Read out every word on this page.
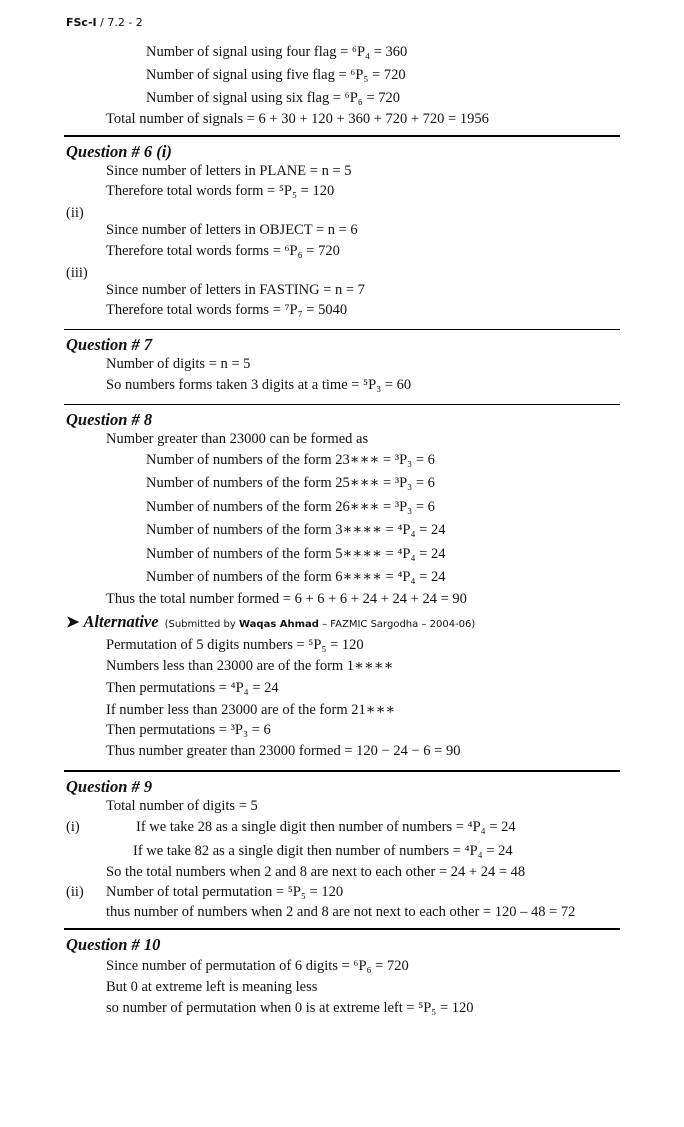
FSc-I / 7.2 - 2
Number of signal using four flag = ⁶P₄ = 360
Number of signal using five flag = ⁶P₅ = 720
Number of signal using six flag = ⁶P₆ = 720
Total number of signals = 6 + 30 + 120 + 360 + 720 + 720 = 1956
Question # 6 (i)
Since number of letters in PLANE = n = 5
Therefore total words form = ⁵P₅ = 120
(ii)
Since number of letters in OBJECT = n = 6
Therefore total words forms = ⁶P₆ = 720
(iii)
Since number of letters in FASTING = n = 7
Therefore total words forms = ⁷P₇ = 5040
Question # 7
Number of digits = n = 5
So numbers forms taken 3 digits at a time = ⁵P₃ = 60
Question # 8
Number greater than 23000 can be formed as
Number of numbers of the form 23∗∗∗ = ³P₃ = 6
Number of numbers of the form 25∗∗∗ = ³P₃ = 6
Number of numbers of the form 26∗∗∗ = ³P₃ = 6
Number of numbers of the form 3∗∗∗∗ = ⁴P₄ = 24
Number of numbers of the form 5∗∗∗∗ = ⁴P₄ = 24
Number of numbers of the form 6∗∗∗∗ = ⁴P₄ = 24
Thus the total number formed = 6 + 6 + 6 + 24 + 24 + 24 = 90
➤ Alternative (Submitted by Waqas Ahmad – FAZMIC Sargodha – 2004-06)
Permutation of 5 digits numbers = ⁵P₅ = 120
Numbers less than 23000 are of the form 1∗∗∗∗
Then permutations = ⁴P₄ = 24
If number less than 23000 are of the form 21∗∗∗
Then permutations = ³P₃ = 6
Thus number greater than 23000 formed = 120 − 24 − 6 = 90
Question # 9
Total number of digits = 5
(i)	If we take 28 as a single digit then number of numbers = ⁴P₄ = 24
If we take 82 as a single digit then number of numbers = ⁴P₄ = 24
So the total numbers when 2 and 8 are next to each other = 24 + 24 = 48
(ii) Number of total permutation = ⁵P₅ = 120
thus number of numbers when 2 and 8 are not next to each other = 120 – 48 = 72
Question # 10
Since number of permutation of 6 digits = ⁶P₆ = 720
But 0 at extreme left is meaning less
so number of permutation when 0 is at extreme left = ⁵P₅ = 120
